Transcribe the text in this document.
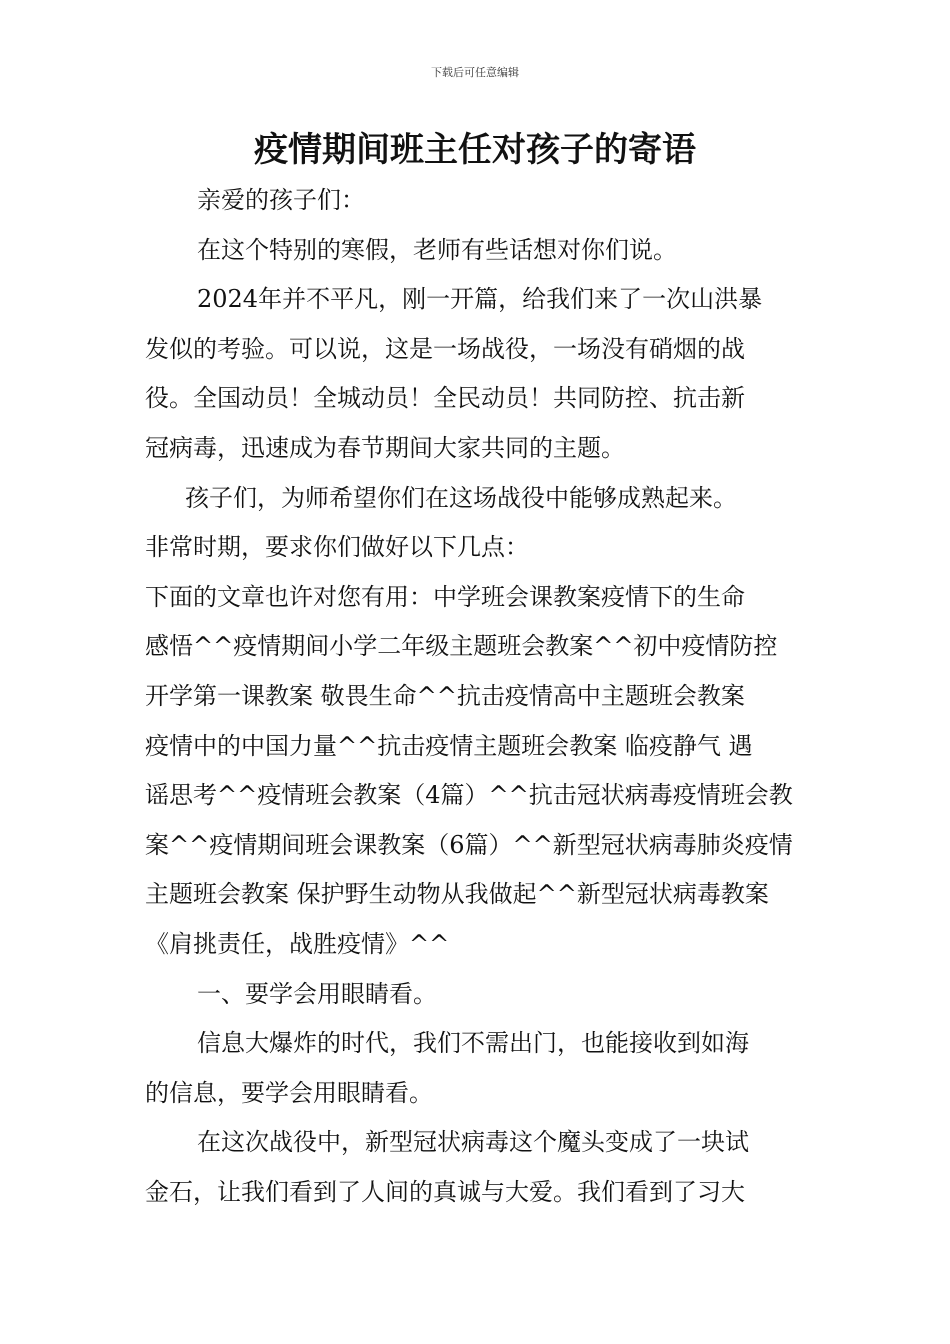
下载后可任意编辑
疫情期间班主任对孩子的寄语

亲爱的孩子们：

在这个特别的寒假，老师有些话想对你们说。

2024年并不平凡，刚一开篇，给我们来了一次山洪暴

发似的考验。可以说，这是一场战役，一场没有硝烟的战

役。全国动员！全城动员！全民动员！共同防控、抗击新

冠病毒，迅速成为春节期间大家共同的主题。

孩子们，为师希望你们在这场战役中能够成熟起来。

非常时期，要求你们做好以下几点：

下面的文章也许对您有用：中学班会课教案疫情下的生命

感悟^^疫情期间小学二年级主题班会教案^^初中疫情防控

开学第一课教案 敬畏生命^^抗击疫情高中主题班会教案

疫情中的中国力量^^抗击疫情主题班会教案 临疫静气 遇

谣思考^^疫情班会教案（4篇）^^抗击冠状病毒疫情班会教

案^^疫情期间班会课教案（6篇）^^新型冠状病毒肺炎疫情

主题班会教案 保护野生动物从我做起^^新型冠状病毒教案

《肩挑责任，战胜疫情》^^

一、要学会用眼睛看。

信息大爆炸的时代，我们不需出门，也能接收到如海

的信息，要学会用眼睛看。

在这次战役中，新型冠状病毒这个魔头变成了一块试

金石，让我们看到了人间的真诚与大爱。我们看到了习大
